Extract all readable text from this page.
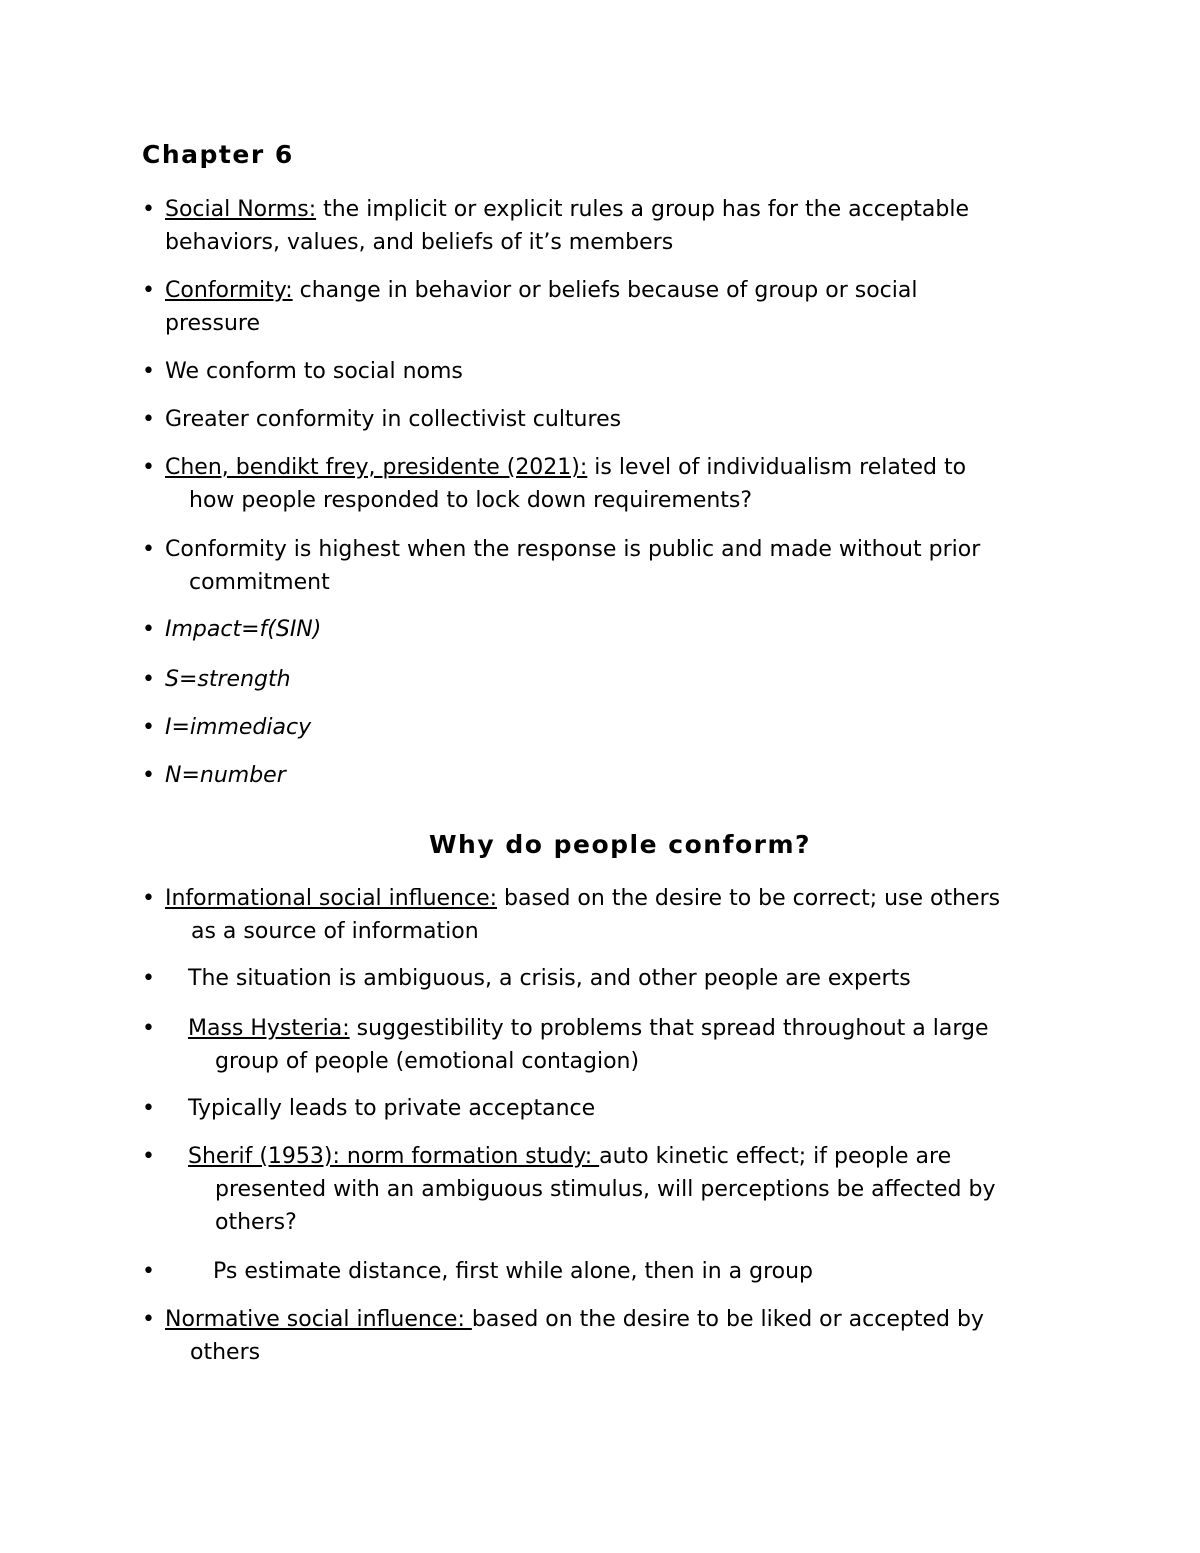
Chapter 6
• Social Norms: the implicit or explicit rules a group has for the acceptable
behaviors, values, and beliefs of it’s members
• Conformity: change in behavior or beliefs because of group or social
pressure
• We conform to social noms
• Greater conformity in collectivist cultures
• Chen, bendikt frey, presidente (2021): is level of individualism related to
how people responded to lock down requirements?
• Conformity is highest when the response is public and made without prior
commitment
• Impact=f(SIN)
• S=strength
• I=immediacy
• N=number
Why do people conform?
• Informational social influence: based on the desire to be correct; use others
as a source of information
• The situation is ambiguous, a crisis, and other people are experts
• Mass Hysteria: suggestibility to problems that spread throughout a large
group of people (emotional contagion)
• Typically leads to private acceptance
• Sherif (1953): norm formation study: auto kinetic effect; if people are
presented with an ambiguous stimulus, will perceptions be affected by
others?
•	Ps estimate distance, first while alone, then in a group
• Normative social influence: based on the desire to be liked or accepted by
others
